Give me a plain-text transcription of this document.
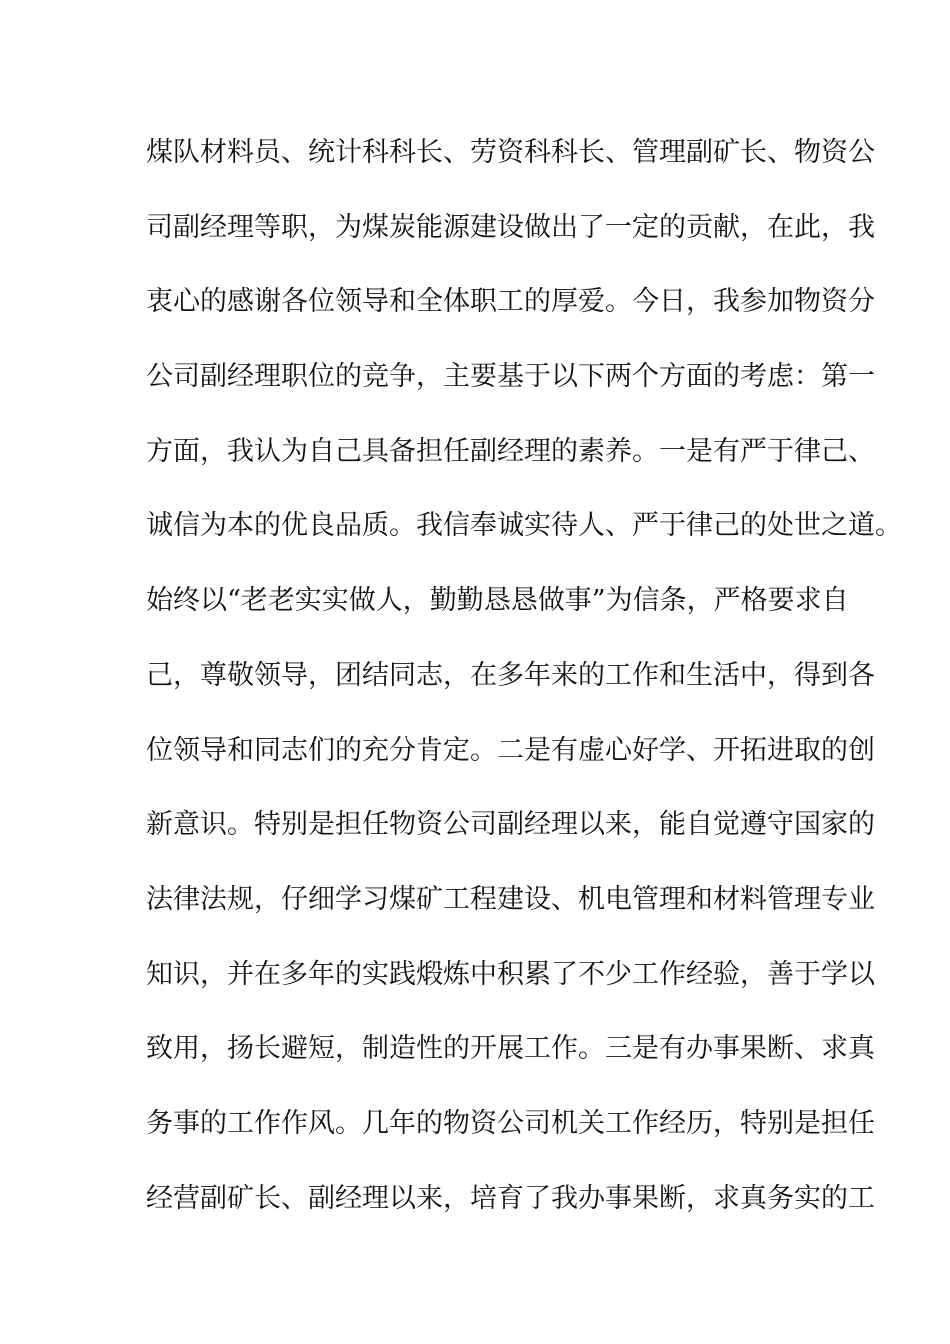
煤队材料员、统计科科长、劳资科科长、管理副矿长、物资公
司副经理等职，为煤炭能源建设做出了一定的贡献，在此，我
衷心的感谢各位领导和全体职工的厚爱。今日，我参加物资分
公司副经理职位的竞争，主要基于以下两个方面的考虑：第一
方面，我认为自己具备担任副经理的素养。一是有严于律己、
诚信为本的优良品质。我信奉诚实待人、严于律己的处世之道。
始终以“老老实实做人，勤勤恳恳做事”为信条，严格要求自
己，尊敬领导，团结同志，在多年来的工作和生活中，得到各
位领导和同志们的充分肯定。二是有虚心好学、开拓进取的创
新意识。特别是担任物资公司副经理以来，能自觉遵守国家的
法律法规，仔细学习煤矿工程建设、机电管理和材料管理专业
知识，并在多年的实践煅炼中积累了不少工作经验，善于学以
致用，扬长避短，制造性的开展工作。三是有办事果断、求真
务事的工作作风。几年的物资公司机关工作经历，特别是担任
经营副矿长、副经理以来，培育了我办事果断，求真务实的工
